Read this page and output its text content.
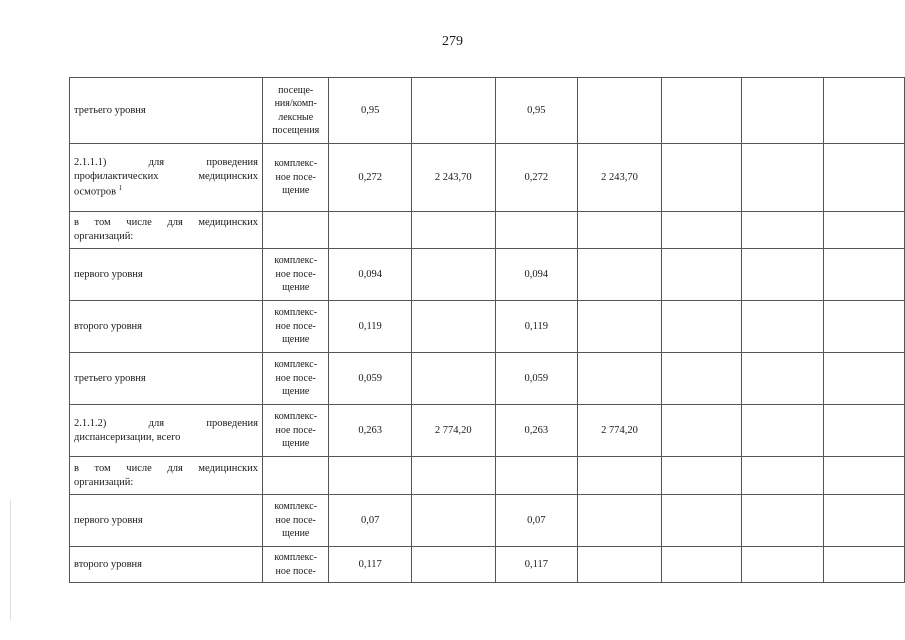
279
третьего уровня	посеще-
ния/комп-
лексные
посещения	0,95		0,95				
2.1.1.1) для проведения профилактических медицинских осмотров $^1$	комплекс-
ное посе-
щение	0,272	2 243,70	0,272	2 243,70			
в том числе для медицинских организаций:								
первого уровня	комплекс-
ное посе-
щение	0,094		0,094				
второго уровня	комплекс-
ное посе-
щение	0,119		0,119				
третьего уровня	комплекс-
ное посе-
щение	0,059		0,059				
2.1.1.2) для проведения диспансеризации, всего	комплекс-
ное посе-
щение	0,263	2 774,20	0,263	2 774,20			
в том числе для медицинских организаций:								
первого уровня	комплекс-
ное посе-
щение	0,07		0,07				
второго уровня	комплекс-
ное посе-	0,117		0,117				
